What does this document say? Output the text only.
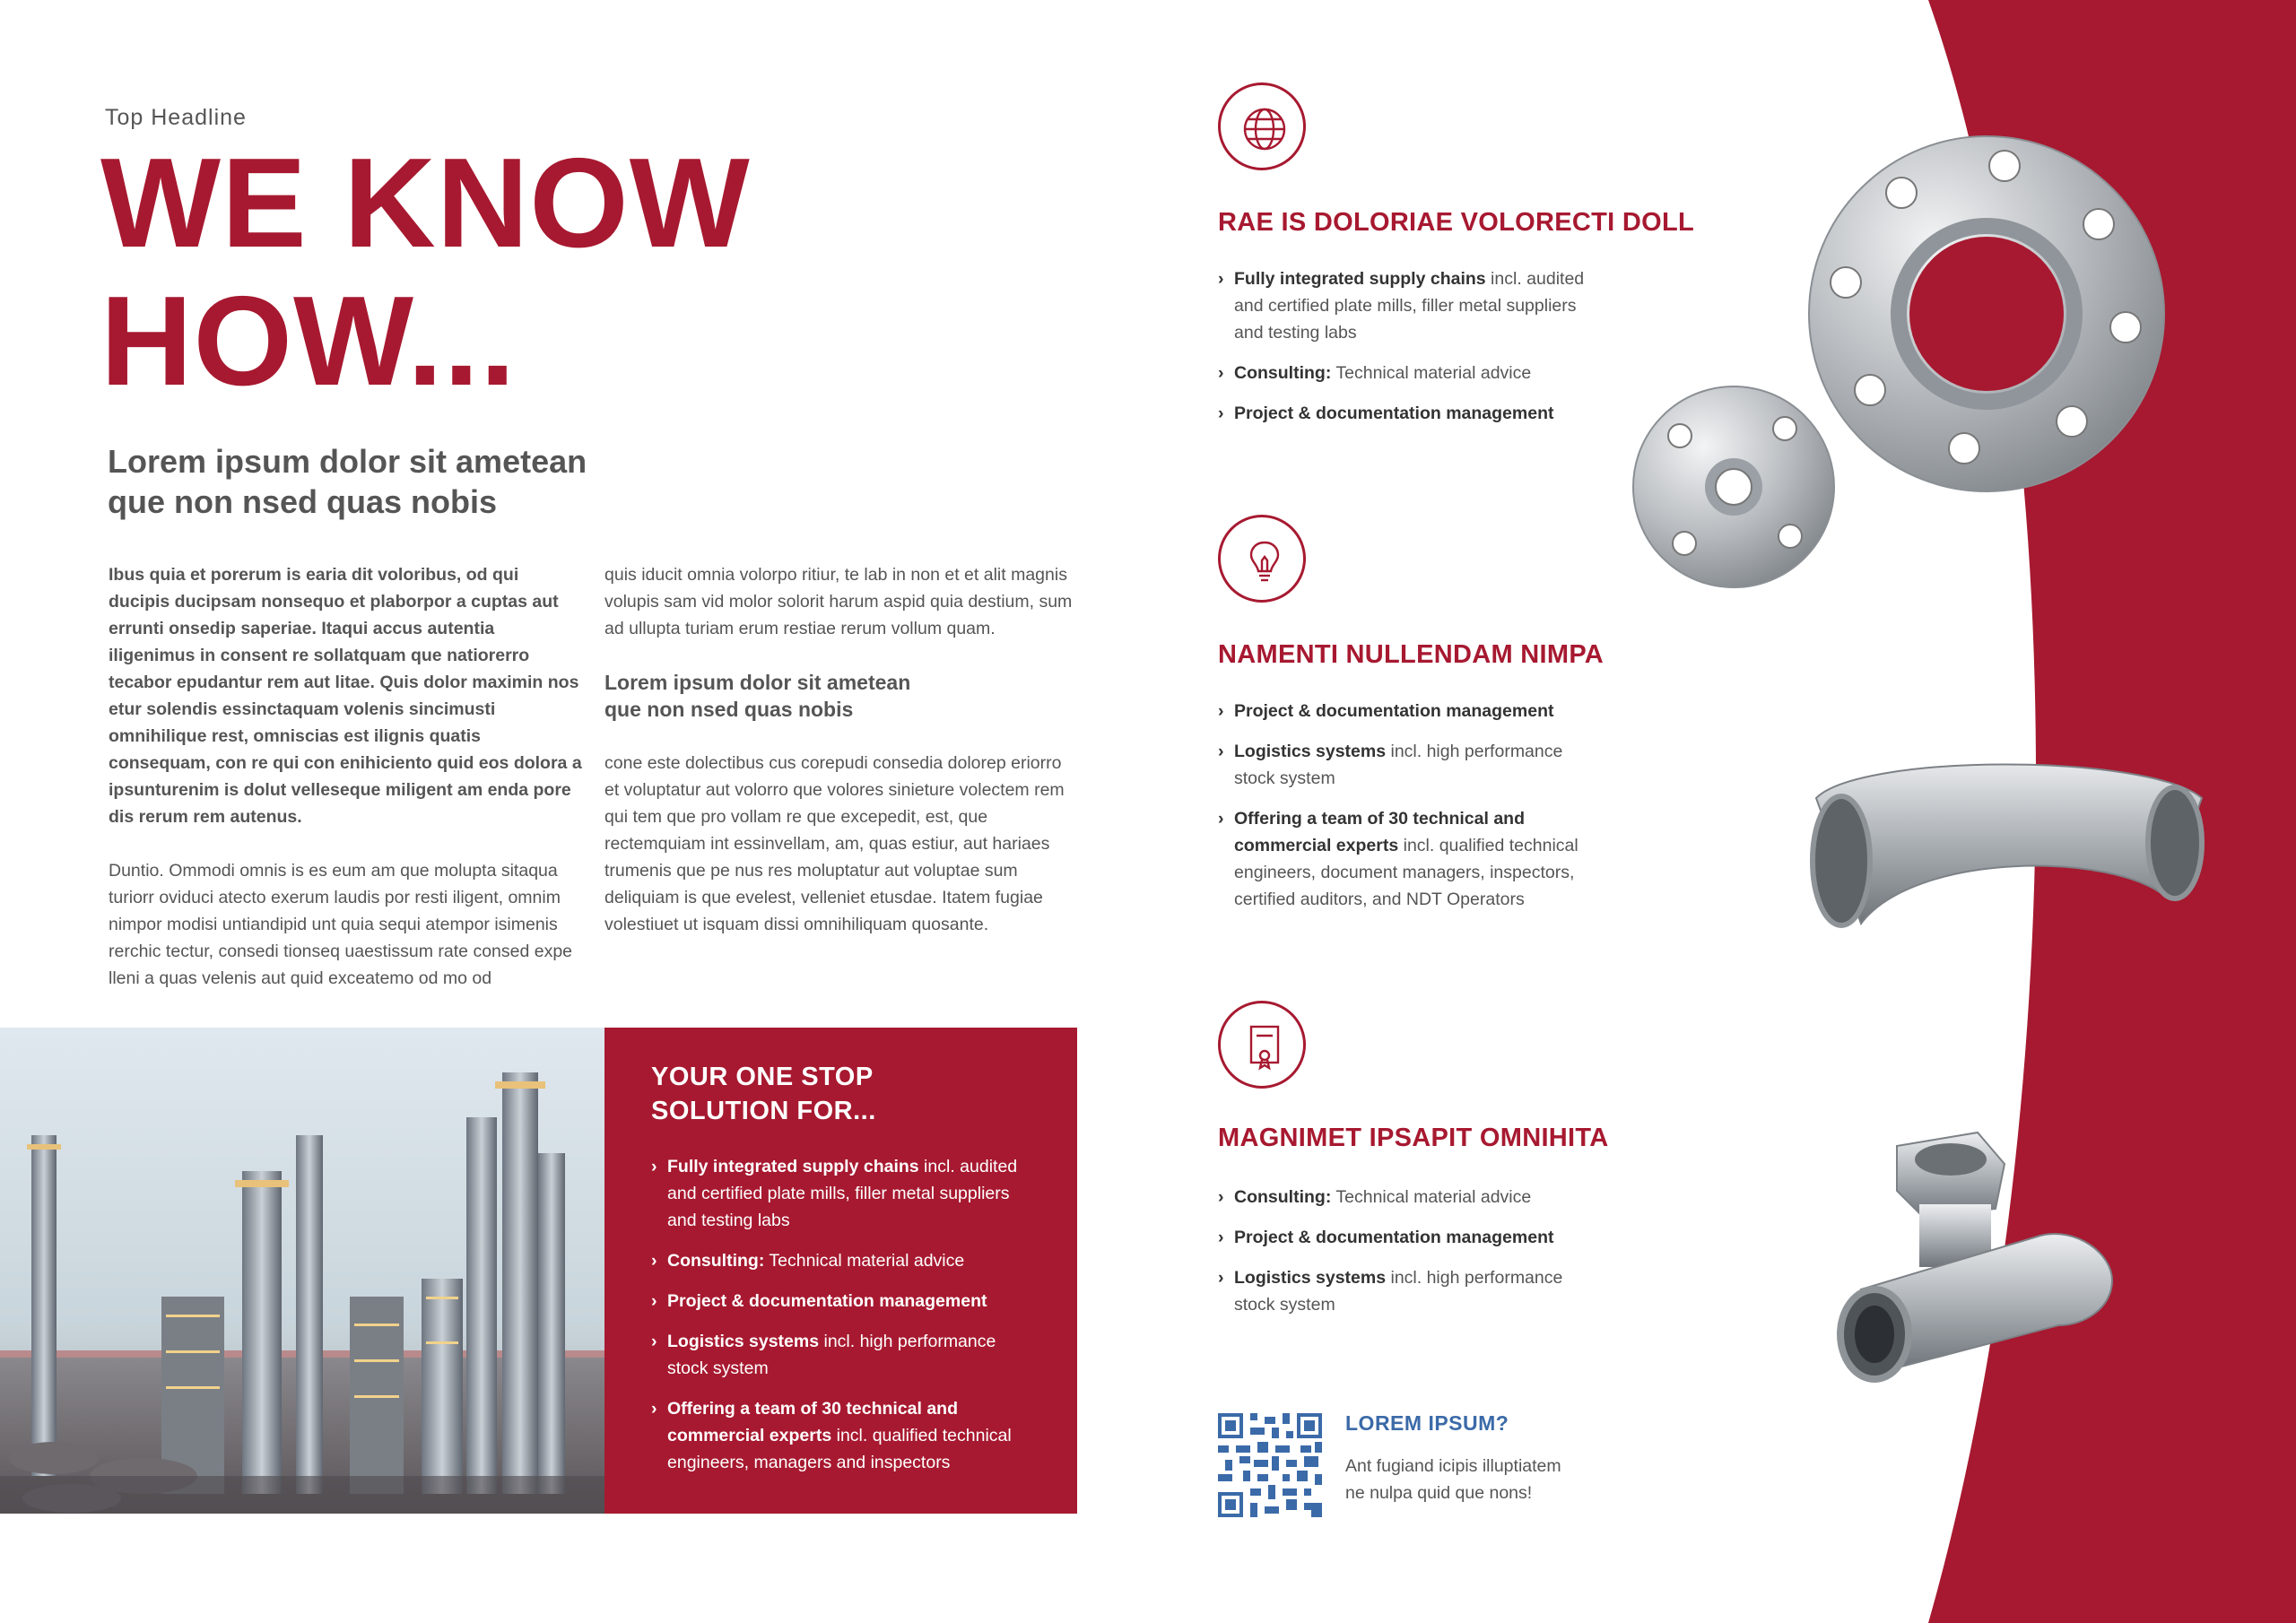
Top Headline
WE KNOW
HOW...
Lorem ipsum dolor sit ametean
que non nsed quas nobis

Ibus quia et porerum is earia dit voloribus, od qui ducipis ducipsam nonsequo et plaborpor a cuptas aut errunti onsedip saperiae. Itaqui accus autentia iligenimus in consent re sollatquam que natiorerro tecabor epudantur rem aut litae. Quis dolor maximin nos etur solendis essinctaquam volenis sincimusti omnihilique rest, omniscias est ilignis quatis consequam, con re qui con enihiciento quid eos dolora a ipsunturenim is dolut velleseque miligent am enda pore dis rerum rem autenus.

Duntio. Ommodi omnis is es eum am que molupta sitaqua turiorr oviduci atecto exerum laudis por resti iligent, omnim nimpor modisi untiandipid unt quia sequi atempor isimenis rerchic tectur, consedi tionseq uaestissum rate consed expe lleni a quas velenis aut quid exceatemo od mo od

quis iducit omnia volorpo ritiur, te lab in non et et alit magnis volupis sam vid molor solorit harum aspid quia destium, sum ad ullupta turiam erum restiae rerum vollum quam.

Lorem ipsum dolor sit ametean
que non nsed quas nobis

cone este dolectibus cus corepudi consedia dolorep eriorro et voluptatur aut volorro que volores sinieture volectem rem qui tem que pro vollam re que excepedit, est, que rectemquiam int essinvellam, am, quas estiur, aut hariaes trumenis que pe nus res moluptatur aut voluptae sum deliquiam is que evelest, velleniet etusdae. Itatem fugiae volestiuet ut isquam dissi omnihiliquam quosante.

YOUR ONE STOP
SOLUTION FOR...
› Fully integrated supply chains incl. audited and certified plate mills, filler metal suppliers and testing labs
› Consulting: Technical material advice
› Project & documentation management
› Logistics systems incl. high performance stock system
› Offering a team of 30 technical and commercial experts incl. qualified technical engineers, managers and inspectors
RAE IS DOLORIAE VOLORECTI DOLL
› Fully integrated supply chains incl. audited and certified plate mills, filler metal suppliers and testing labs
› Consulting: Technical material advice
› Project & documentation management
NAMENTI NULLENDAM NIMPA
› Project & documentation management
› Logistics systems incl. high performance stock system
› Offering a team of 30 technical and commercial experts incl. qualified technical engineers, document managers, inspectors, certified auditors, and NDT Operators
MAGNIMET IPSAPIT OMNIHITA
› Consulting: Technical material advice
› Project & documentation management
› Logistics systems incl. high performance stock system
LOREM IPSUM?
Ant fugiand icipis illuptiatem
ne nulpa quid que nons!
